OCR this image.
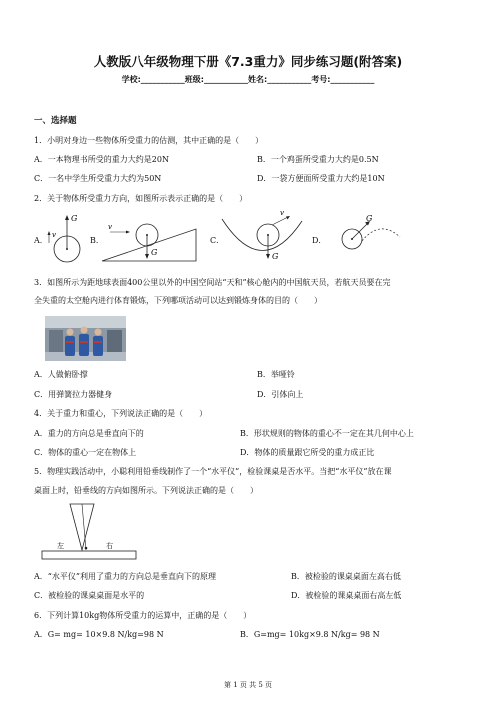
人教版八年级物理下册《7.3重力》同步练习题(附答案)
学校:___________班级:___________姓名:___________考号:___________
一、选择题
1．小明对身边一些物体所受重力的估测，其中正确的是（　　）
A．一本物理书所受的重力大约是20N	B．一个鸡蛋所受重力大约是0.5N
C．一名中学生所受重力大约为50N	D．一袋方便面所受重力大约是10N
2．关于物体所受重力方向，如图所示表示正确的是（　　）
A．	B．	C．	D．
v
G
v
G
v
G
G
3．如图所示为距地球表面400公里以外的中国空间站“天和”核心舱内的中国航天员，若航天员要在完
全失重的太空舱内进行体育锻炼，下列哪项活动可以达到锻炼身体的目的（　　）
A．人做俯卧撑	B．举哑铃
C．用弹簧拉力器健身	D．引体向上
4．关于重力和重心，下列说法正确的是（　　）
A．重力的方向总是垂直向下的	B．形状规则的物体的重心不一定在其几何中心上
C．物体的重心一定在物体上	D．物体的质量跟它所受的重力成正比
5．物理实践活动中，小聪利用铅垂线制作了一个“水平仪”，检验课桌是否水平。当把“水平仪”放在课
桌面上时，铅垂线的方向如图所示。下列说法正确的是（　　）
左	右
A．“水平仪”利用了重力的方向总是垂直向下的原理	B．被检验的课桌桌面左高右低
C．被检验的课桌桌面是水平的	D．被检验的课桌桌面右高左低
6．下列计算10kg物体所受重力的运算中，正确的是（　　）
A．G= mg= 10×9.8 N/kg=98 N	B．G=mg= 10kg×9.8 N/kg= 98 N
第 1 页 共 5 页
